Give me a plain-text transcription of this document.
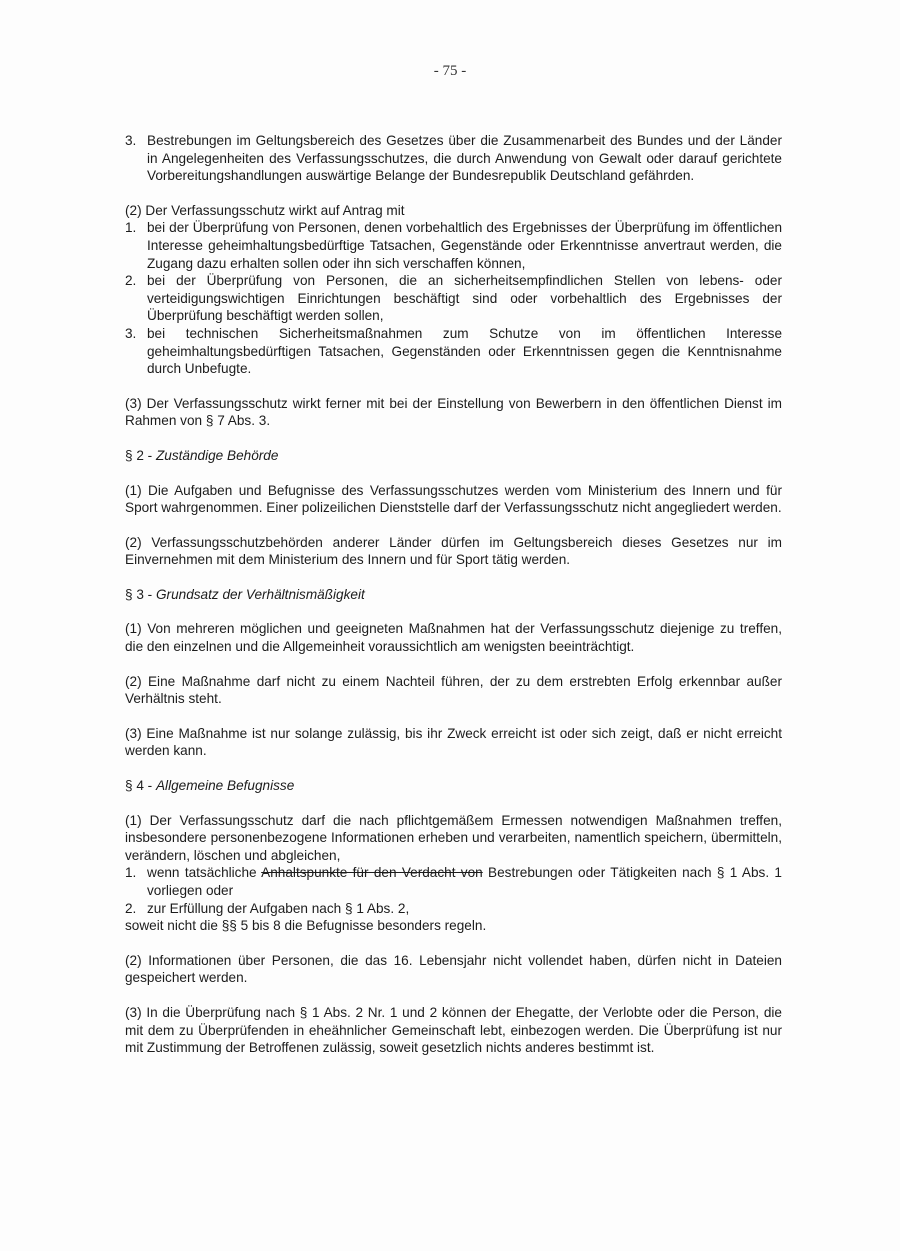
- 75 -
3. Bestrebungen im Geltungsbereich des Gesetzes über die Zusammenarbeit des Bundes und der Länder in Angelegenheiten des Verfassungsschutzes, die durch Anwendung von Gewalt oder darauf gerichtete Vorbereitungshandlungen auswärtige Belange der Bundesrepublik Deutschland gefährden.

(2) Der Verfassungsschutz wirkt auf Antrag mit

1. bei der Überprüfung von Personen, denen vorbehaltlich des Ergebnisses der Überprüfung im öffentlichen Interesse geheimhaltungsbedürftige Tatsachen, Gegenstände oder Erkenntnisse anvertraut werden, die Zugang dazu erhalten sollen oder ihn sich verschaffen können,
2. bei der Überprüfung von Personen, die an sicherheitsempfindlichen Stellen von lebens- oder verteidigungswichtigen Einrichtungen beschäftigt sind oder vorbehaltlich des Ergebnisses der Überprüfung beschäftigt werden sollen,
3. bei technischen Sicherheitsmaßnahmen zum Schutze von im öffentlichen Interesse geheimhaltungsbedürftigen Tatsachen, Gegenständen oder Erkenntnissen gegen die Kenntnisnahme durch Unbefugte.

(3) Der Verfassungsschutz wirkt ferner mit bei der Einstellung von Bewerbern in den öffentlichen Dienst im Rahmen von § 7 Abs. 3.

§ 2 - Zuständige Behörde

(1) Die Aufgaben und Befugnisse des Verfassungsschutzes werden vom Ministerium des Innern und für Sport wahrgenommen. Einer polizeilichen Dienststelle darf der Verfassungsschutz nicht angegliedert werden.

(2) Verfassungsschutzbehörden anderer Länder dürfen im Geltungsbereich dieses Gesetzes nur im Einvernehmen mit dem Ministerium des Innern und für Sport tätig werden.

§ 3 - Grundsatz der Verhältnismäßigkeit

(1) Von mehreren möglichen und geeigneten Maßnahmen hat der Verfassungsschutz diejenige zu treffen, die den einzelnen und die Allgemeinheit voraussichtlich am wenigsten beeinträchtigt.

(2) Eine Maßnahme darf nicht zu einem Nachteil führen, der zu dem erstrebten Erfolg erkennbar außer Verhältnis steht.

(3) Eine Maßnahme ist nur solange zulässig, bis ihr Zweck erreicht ist oder sich zeigt, daß er nicht erreicht werden kann.

§ 4 - Allgemeine Befugnisse

(1) Der Verfassungsschutz darf die nach pflichtgemäßem Ermessen notwendigen Maßnahmen treffen, insbesondere personenbezogene Informationen erheben und verarbeiten, namentlich speichern, übermitteln, verändern, löschen und abgleichen,

1. wenn tatsächliche Anhaltspunkte für den Verdacht von Bestrebungen oder Tätigkeiten nach § 1 Abs. 1 vorliegen oder
2. zur Erfüllung der Aufgaben nach § 1 Abs. 2,

soweit nicht die §§ 5 bis 8 die Befugnisse besonders regeln.

(2) Informationen über Personen, die das 16. Lebensjahr nicht vollendet haben, dürfen nicht in Dateien gespeichert werden.

(3) In die Überprüfung nach § 1 Abs. 2 Nr. 1 und 2 können der Ehegatte, der Verlobte oder die Person, die mit dem zu Überprüfenden in eheähnlicher Gemeinschaft lebt, einbezogen werden. Die Überprüfung ist nur mit Zustimmung der Betroffenen zulässig, soweit gesetzlich nichts anderes bestimmt ist.
